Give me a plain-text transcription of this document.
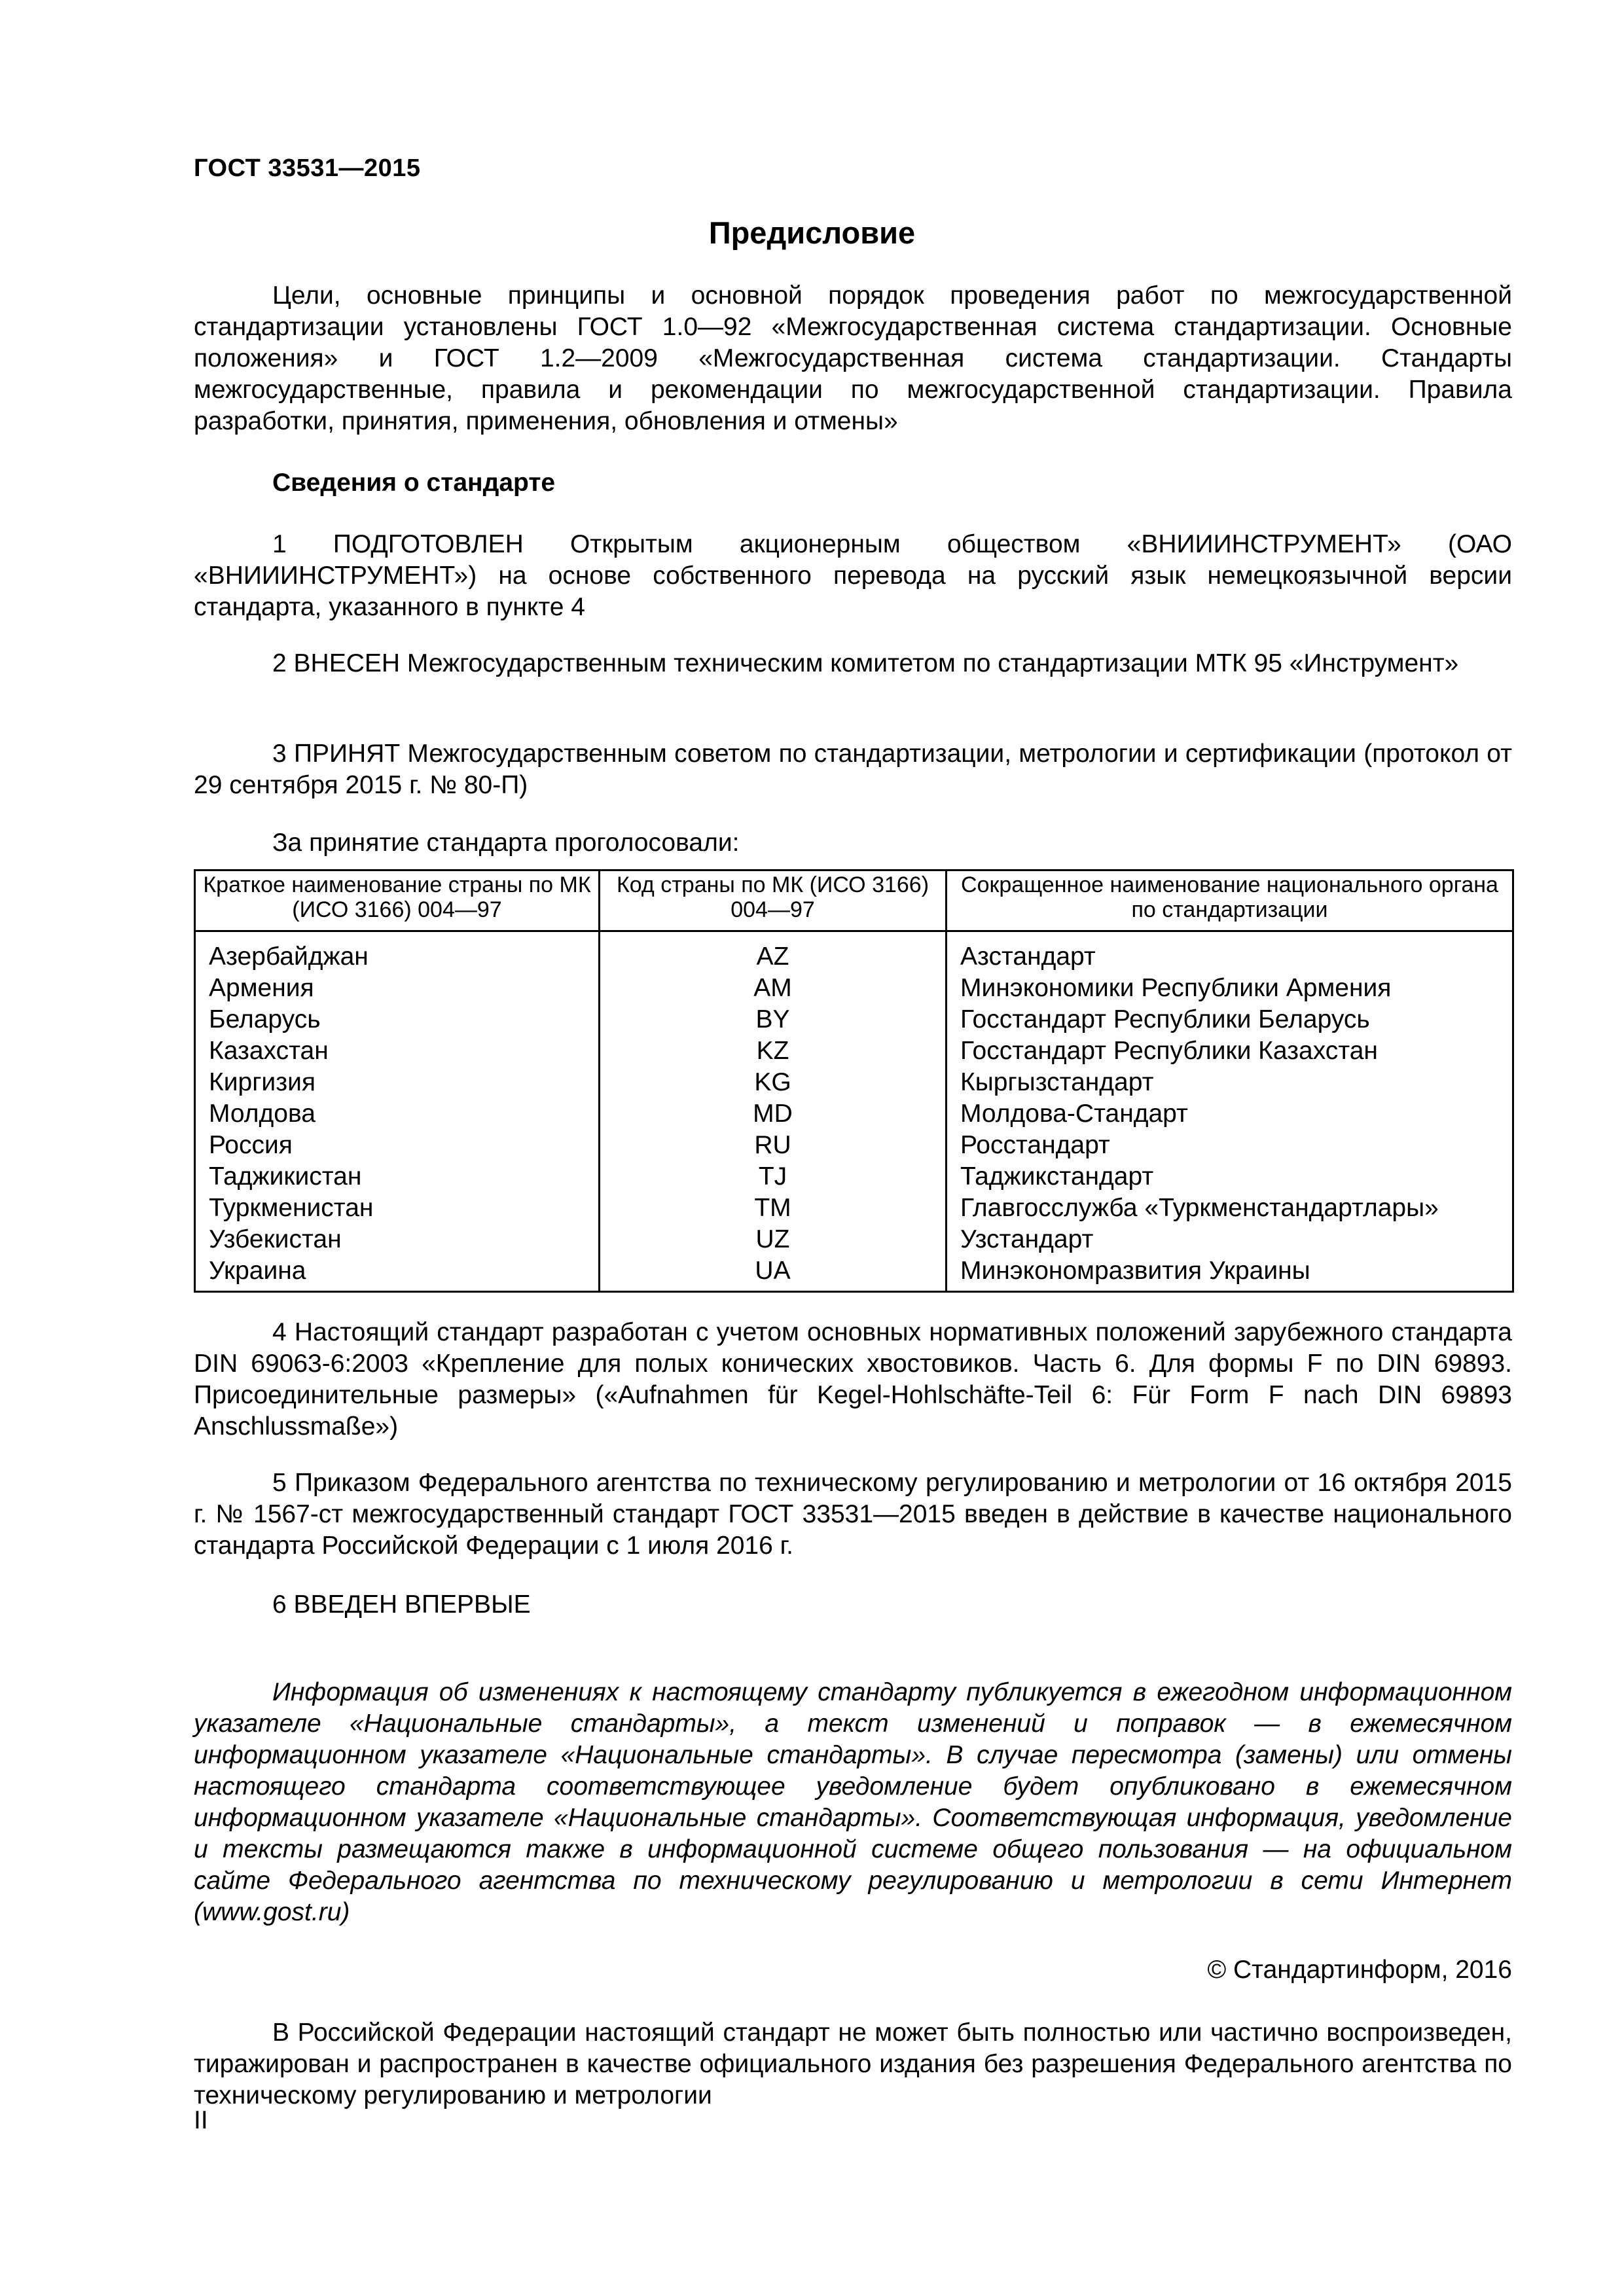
ГОСТ 33531—2015
Предисловие
Цели, основные принципы и основной порядок проведения работ по межгосударственной стандартизации установлены ГОСТ 1.0—92 «Межгосударственная система стандартизации. Основные положения» и ГОСТ 1.2—2009 «Межгосударственная система стандартизации. Стандарты межгосударственные, правила и рекомендации по межгосударственной стандартизации. Правила разработки, принятия, применения, обновления и отмены»
Сведения о стандарте
1 ПОДГОТОВЛЕН Открытым акционерным обществом «ВНИИИНСТРУМЕНТ» (ОАО «ВНИИИНСТРУМЕНТ») на основе собственного перевода на русский язык немецкоязычной версии стандарта, указанного в пункте 4
2 ВНЕСЕН Межгосударственным техническим комитетом по стандартизации МТК 95 «Инструмент»
3 ПРИНЯТ Межгосударственным советом по стандартизации, метрологии и сертификации (протокол от 29 сентября 2015 г. № 80-П)
За принятие стандарта проголосовали:
Краткое наименование страны по МК (ИСО 3166) 004—97	Код страны по МК (ИСО 3166) 004—97	Сокращенное наименование национального органа по стандартизации
Азербайджан	AZ	Азстандарт
Армения	AM	Минэкономики Республики Армения
Беларусь	BY	Госстандарт Республики Беларусь
Казахстан	KZ	Госстандарт Республики Казахстан
Киргизия	KG	Кыргызстандарт
Молдова	MD	Молдова-Стандарт
Россия	RU	Росстандарт
Таджикистан	TJ	Таджикстандарт
Туркменистан	TM	Главгосслужба «Туркменстандартлары»
Узбекистан	UZ	Узстандарт
Украина	UA	Минэкономразвития Украины
4 Настоящий стандарт разработан с учетом основных нормативных положений зарубежного стандарта DIN 69063-6:2003 «Крепление для полых конических хвостовиков. Часть 6. Для формы F по DIN 69893. Присоединительные размеры» («Aufnahmen für Kegel-Hohlschäfte-Teil 6: Für Form F nach DIN 69893 Anschlussmaße»)
5 Приказом Федерального агентства по техническому регулированию и метрологии от 16 октября 2015 г. № 1567-ст межгосударственный стандарт ГОСТ 33531—2015 введен в действие в качестве национального стандарта Российской Федерации с 1 июля 2016 г.
6 ВВЕДЕН ВПЕРВЫЕ
Информация об изменениях к настоящему стандарту публикуется в ежегодном информационном указателе «Национальные стандарты», а текст изменений и поправок — в ежемесячном информационном указателе «Национальные стандарты». В случае пересмотра (замены) или отмены настоящего стандарта соответствующее уведомление будет опубликовано в ежемесячном информационном указателе «Национальные стандарты». Соответствующая информация, уведомление и тексты размещаются также в информационной системе общего пользования — на официальном сайте Федерального агентства по техническому регулированию и метрологии в сети Интернет (www.gost.ru)
© Стандартинформ, 2016
В Российской Федерации настоящий стандарт не может быть полностью или частично воспроизведен, тиражирован и распространен в качестве официального издания без разрешения Федерального агентства по техническому регулированию и метрологии
II
